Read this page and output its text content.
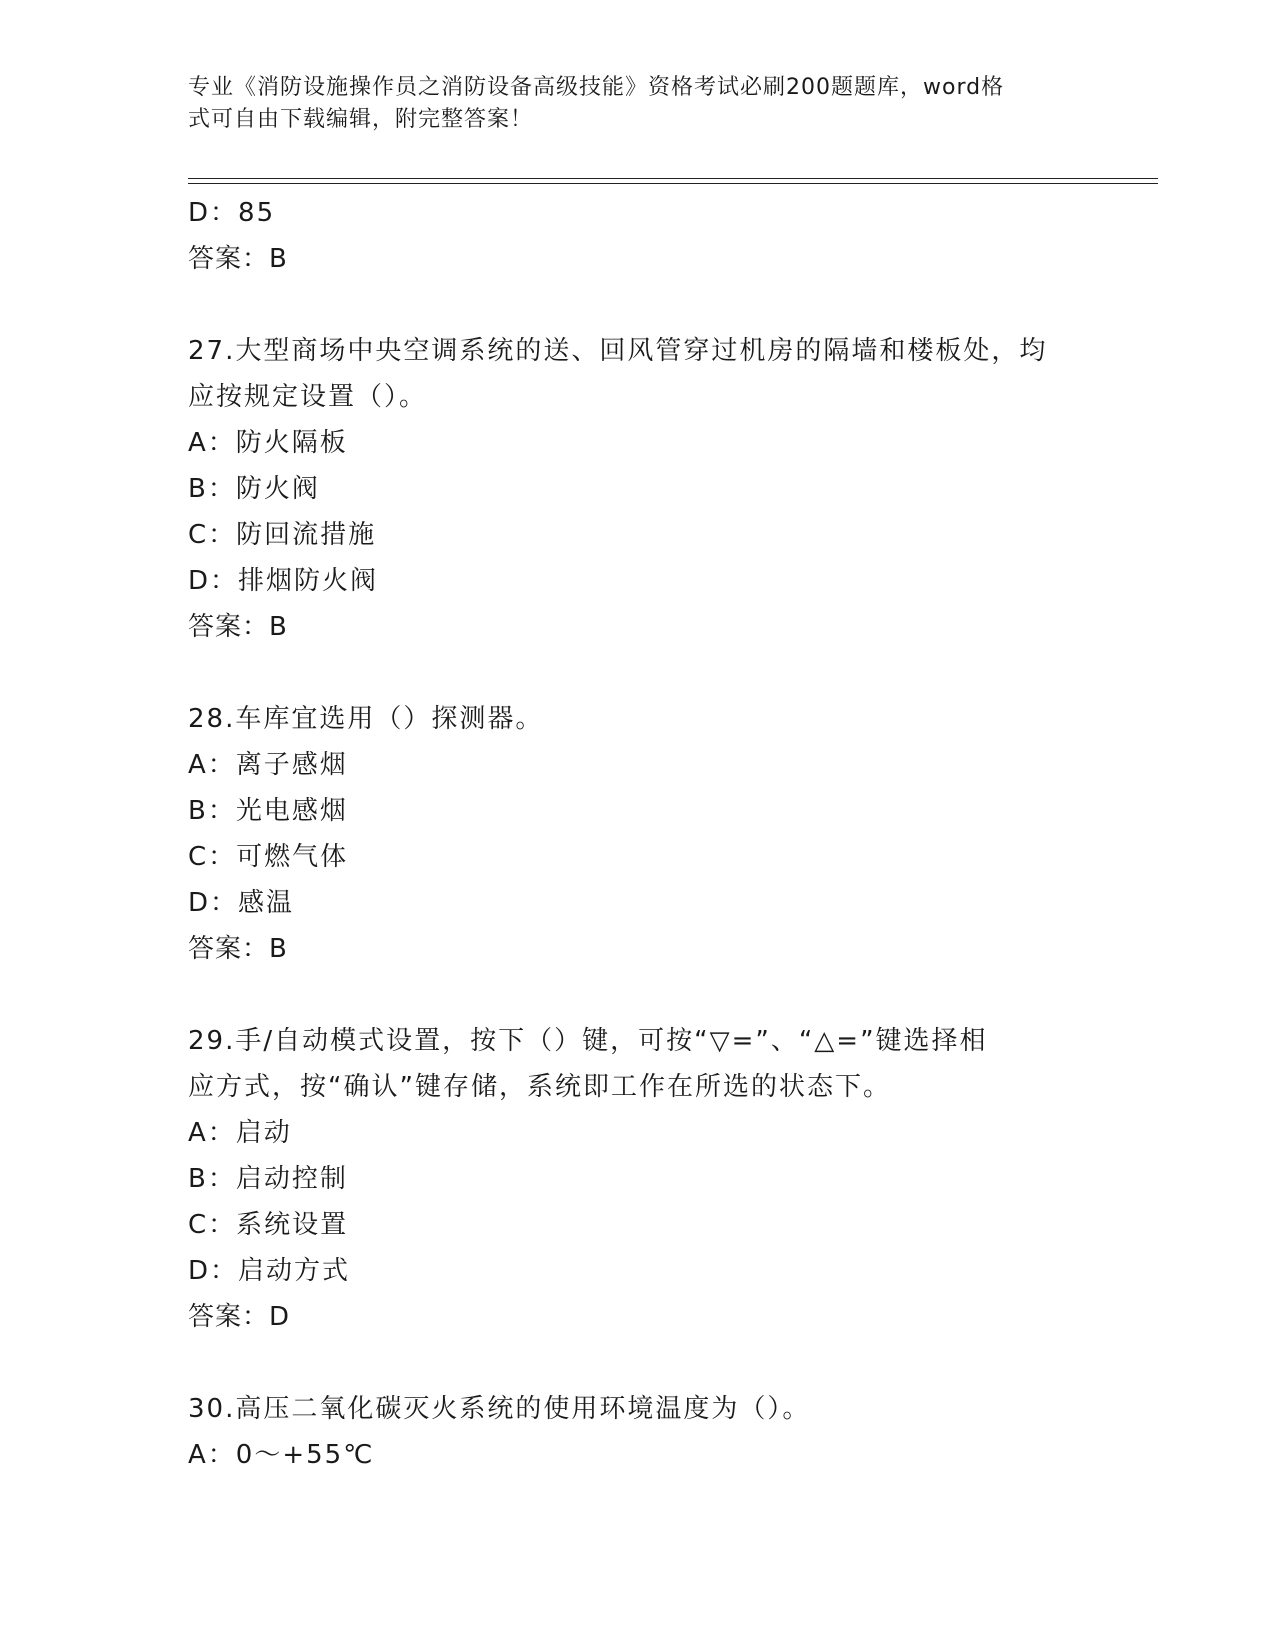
专业《消防设施操作员之消防设备高级技能》资格考试必刷200题题库，word格
式可自由下载编辑，附完整答案！
D：85
答案：B
27.大型商场中央空调系统的送、回风管穿过机房的隔墙和楼板处，均
应按规定设置（）。
A：防火隔板
B：防火阀
C：防回流措施
D：排烟防火阀
答案：B
28.车库宜选用（）探测器。
A：离子感烟
B：光电感烟
C：可燃气体
D：感温
答案：B
29.手/自动模式设置，按下（）键，可按“▽=”、“△=”键选择相
应方式，按“确认”键存储，系统即工作在所选的状态下。
A：启动
B：启动控制
C：系统设置
D：启动方式
答案：D
30.高压二氧化碳灭火系统的使用环境温度为（）。
A：0～+55℃
